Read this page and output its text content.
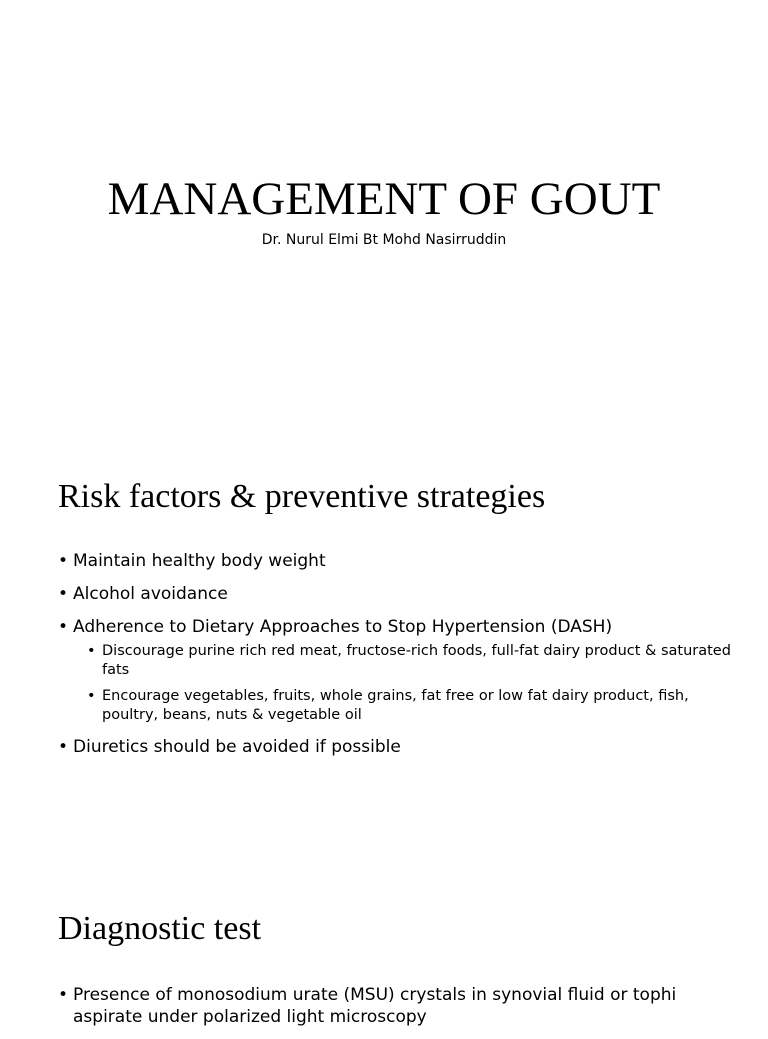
MANAGEMENT OF GOUT

Dr. Nurul Elmi Bt Mohd Nasirruddin

Risk factors & preventive strategies
• Maintain healthy body weight
• Alcohol avoidance
• Adherence to Dietary Approaches to Stop Hypertension (DASH)
• Discourage purine rich red meat, fructose-rich foods, full-fat dairy product & saturated fats
• Encourage vegetables, fruits, whole grains, fat free or low fat dairy product, fish, poultry, beans, nuts & vegetable oil
• Diuretics should be avoided if possible
Diagnostic test
• Presence of monosodium urate (MSU) crystals in synovial fluid or tophi aspirate under polarized light microscopy
